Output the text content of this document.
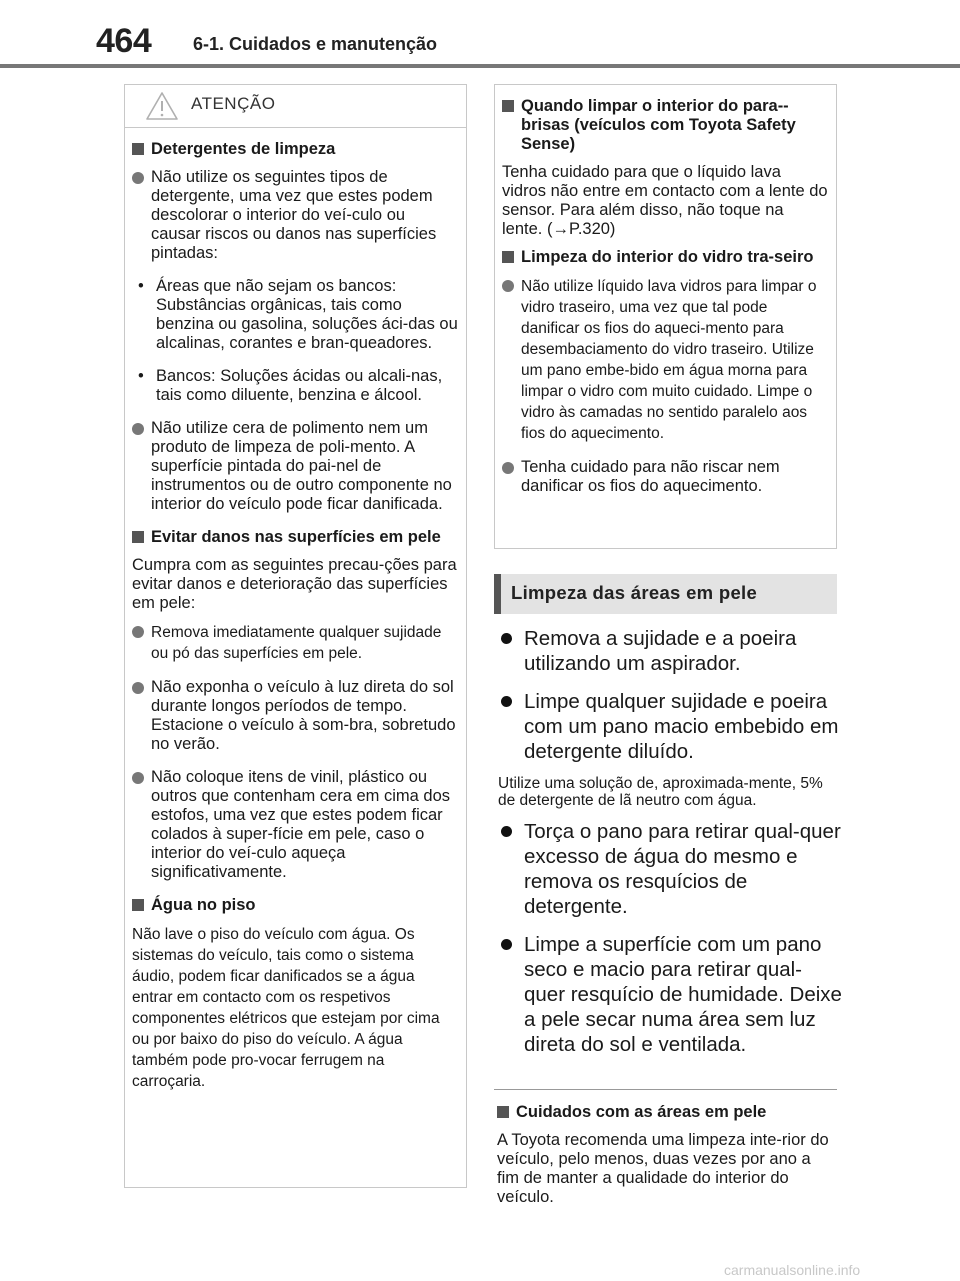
464 6-1. Cuidados e manutenção
ATENÇÃO
Detergentes de limpeza
Não utilize os seguintes tipos de detergente, uma vez que estes podem descolorar o interior do veí-culo ou causar riscos ou danos nas superfícies pintadas:
• Áreas que não sejam os bancos: Substâncias orgânicas, tais como benzina ou gasolina, soluções áci-das ou alcalinas, corantes e bran-queadores.
• Bancos: Soluções ácidas ou alcali-nas, tais como diluente, benzina e álcool.
Não utilize cera de polimento nem um produto de limpeza de poli-mento. A superfície pintada do pai-nel de instrumentos ou de outro componente no interior do veículo pode ficar danificada.
Evitar danos nas superfícies em pele
Cumpra com as seguintes precau-ções para evitar danos e deterioração das superfícies em pele:
Remova imediatamente qualquer sujidade ou pó das superfícies em pele.
Não exponha o veículo à luz direta do sol durante longos períodos de tempo. Estacione o veículo à som-bra, sobretudo no verão.
Não coloque itens de vinil, plástico ou outros que contenham cera em cima dos estofos, uma vez que estes podem ficar colados à super-fície em pele, caso o interior do veí-culo aqueça significativamente.
Água no piso
Não lave o piso do veículo com água. Os sistemas do veículo, tais como o sistema áudio, podem ficar danificados se a água entrar em contacto com os respetivos componentes elétricos que estejam por cima ou por baixo do piso do veículo. A água também pode pro-vocar ferrugem na carroçaria.
Quando limpar o interior do para--brisas (veículos com Toyota Safety Sense)
Tenha cuidado para que o líquido lava vidros não entre em contacto com a lente do sensor. Para além disso, não toque na lente. (→P.320)
Limpeza do interior do vidro tra-seiro
Não utilize líquido lava vidros para limpar o vidro traseiro, uma vez que tal pode danificar os fios do aqueci-mento para desembaciamento do vidro traseiro. Utilize um pano embe-bido em água morna para limpar o vidro com muito cuidado. Limpe o vidro às camadas no sentido paralelo aos fios do aquecimento.
Tenha cuidado para não riscar nem danificar os fios do aquecimento.
Limpeza das áreas em pele
Remova a sujidade e a poeira utilizando um aspirador.
Limpe qualquer sujidade e poeira com um pano macio embebido em detergente diluído.
Utilize uma solução de, aproximada-mente, 5% de detergente de lã neutro com água.
Torça o pano para retirar qual-quer excesso de água do mesmo e remova os resquícios de detergente.
Limpe a superfície com um pano seco e macio para retirar qual-quer resquício de humidade. Deixe a pele secar numa área sem luz direta do sol e ventilada.
Cuidados com as áreas em pele
A Toyota recomenda uma limpeza inte-rior do veículo, pelo menos, duas vezes por ano a fim de manter a qualidade do interior do veículo.
carmanualsonline.info
